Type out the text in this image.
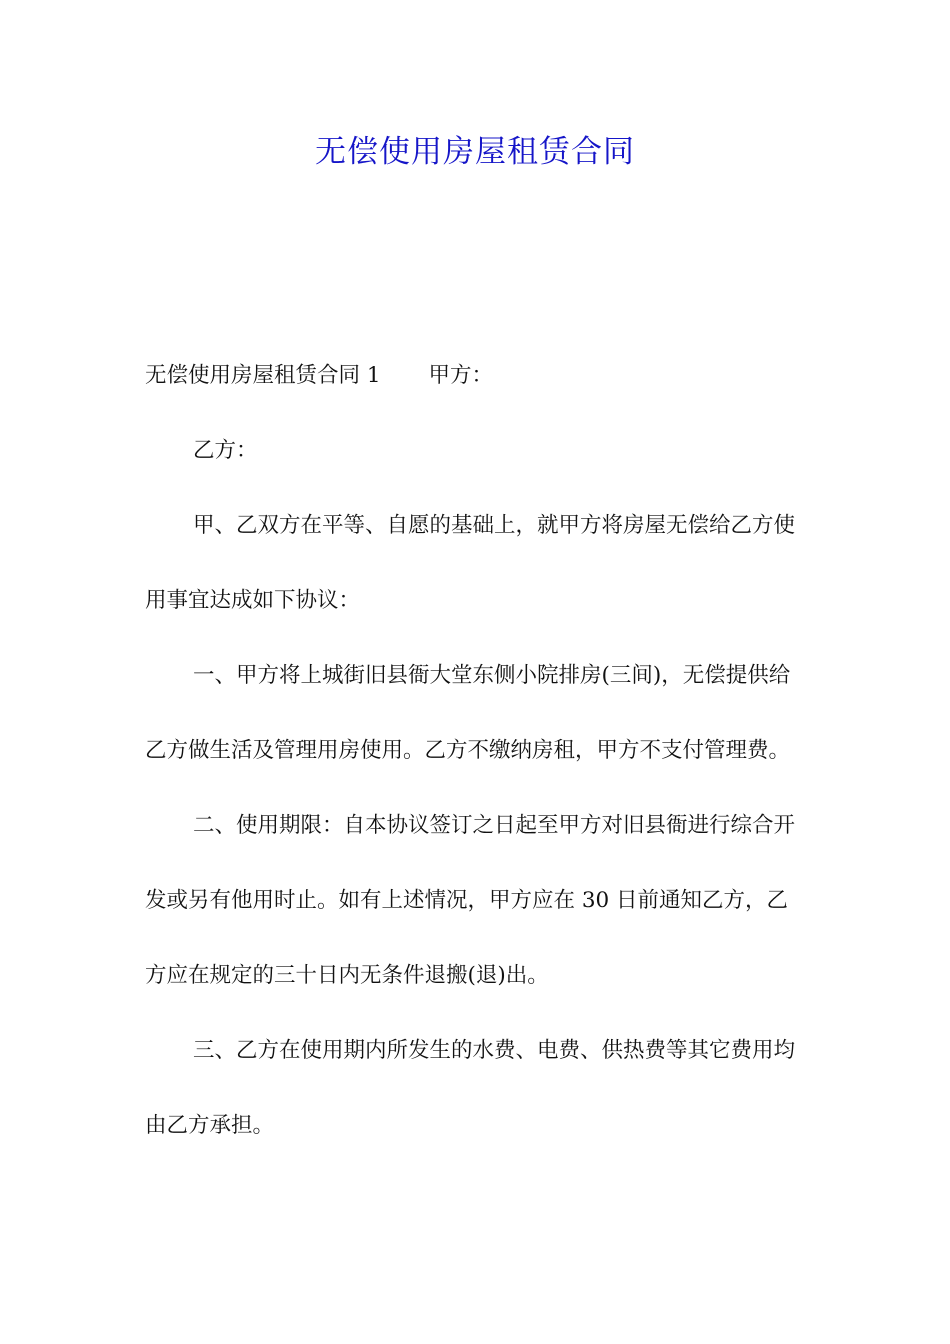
无偿使用房屋租赁合同

无偿使用房屋租赁合同 1 甲方：

乙方：

甲、乙双方在平等、自愿的基础上，就甲方将房屋无偿给乙方使用事宜达成如下协议：

一、甲方将上城街旧县衙大堂东侧小院排房(三间)，无偿提供给乙方做生活及管理用房使用。乙方不缴纳房租，甲方不支付管理费。

二、使用期限：自本协议签订之日起至甲方对旧县衙进行综合开发或另有他用时止。如有上述情况，甲方应在 30 日前通知乙方，乙方应在规定的三十日内无条件退搬(退)出。

三、乙方在使用期内所发生的水费、电费、供热费等其它费用均由乙方承担。
